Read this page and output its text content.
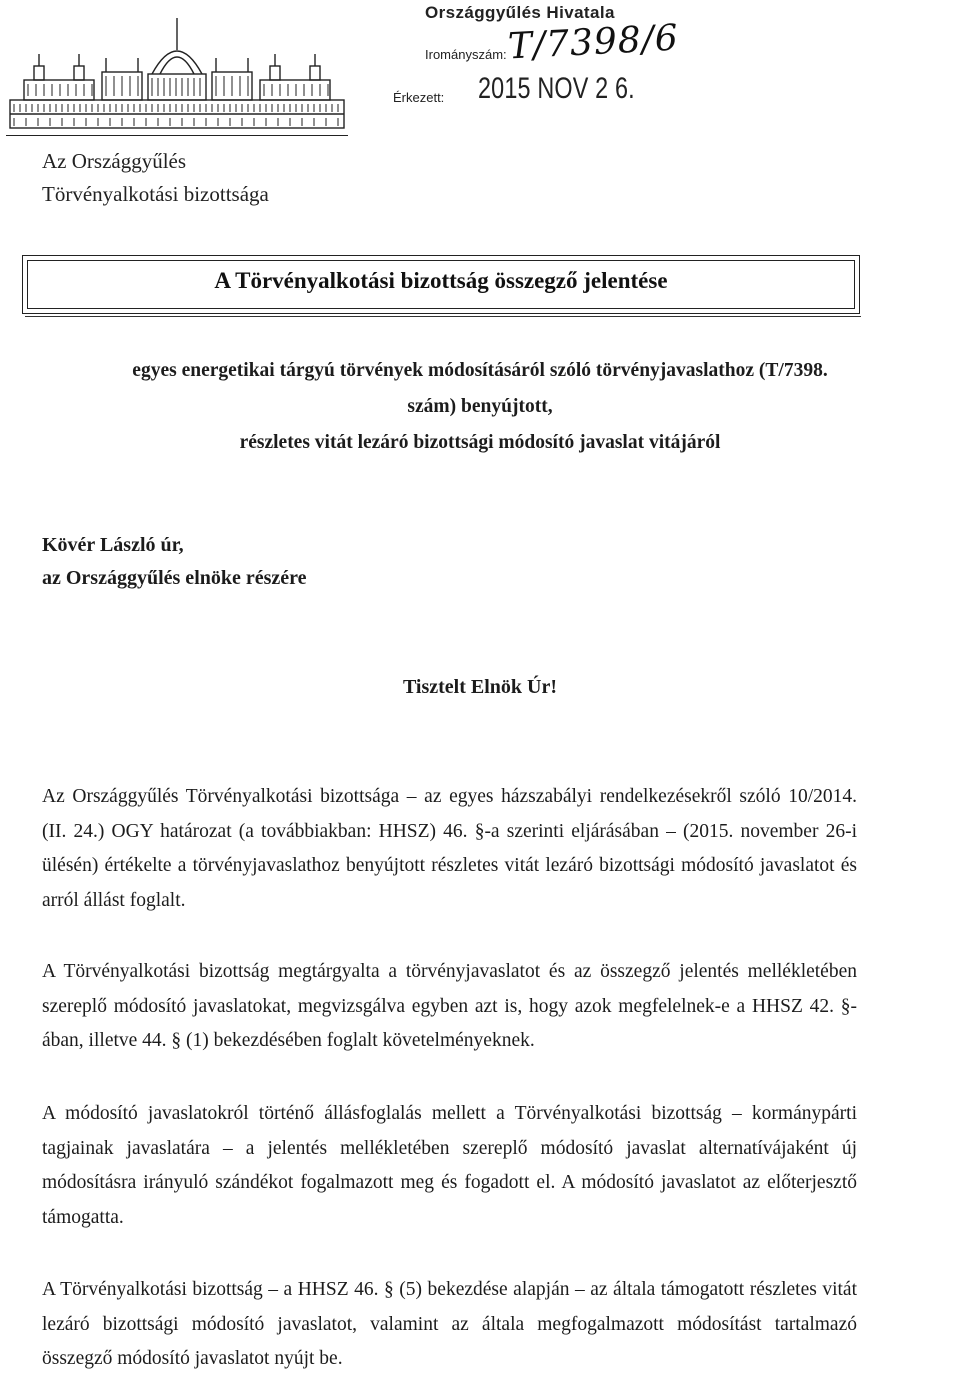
Országgyűlés Hivatala
Irományszám: T/7398/6
Érkezett: 2015 NOV 2 6.
Az Országgyűlés
Törvényalkotási bizottsága
A Törvényalkotási bizottság összegző jelentése
egyes energetikai tárgyú törvények módosításáról szóló törvényjavaslathoz (T/7398.
szám) benyújtott,
részletes vitát lezáró bizottsági módosító javaslat vitájáról
Kövér László úr,
az Országgyűlés elnöke részére
Tisztelt Elnök Úr!
Az Országgyűlés Törvényalkotási bizottsága – az egyes házszabályi rendelkezésekről szóló 10/2014. (II. 24.) OGY határozat (a továbbiakban: HHSZ) 46. §-a szerinti eljárásában – (2015. november 26-i ülésén) értékelte a törvényjavaslathoz benyújtott részletes vitát lezáró bizottsági módosító javaslatot és arról állást foglalt.
A Törvényalkotási bizottság megtárgyalta a törvényjavaslatot és az összegző jelentés mellékletében szereplő módosító javaslatokat, megvizsgálva egyben azt is, hogy azok megfelelnek-e a HHSZ 42. §-ában, illetve 44. § (1) bekezdésében foglalt követelményeknek.
A módosító javaslatokról történő állásfoglalás mellett a Törvényalkotási bizottság – kormánypárti tagjainak javaslatára – a jelentés mellékletében szereplő módosító javaslat alternatívájaként új módosításra irányuló szándékot fogalmazott meg és fogadott el. A módosító javaslatot az előterjesztő támogatta.
A Törvényalkotási bizottság – a HHSZ 46. § (5) bekezdése alapján – az általa támogatott részletes vitát lezáró bizottsági módosító javaslatot, valamint az általa megfogalmazott módosítást tartalmazó összegző módosító javaslatot nyújt be.
